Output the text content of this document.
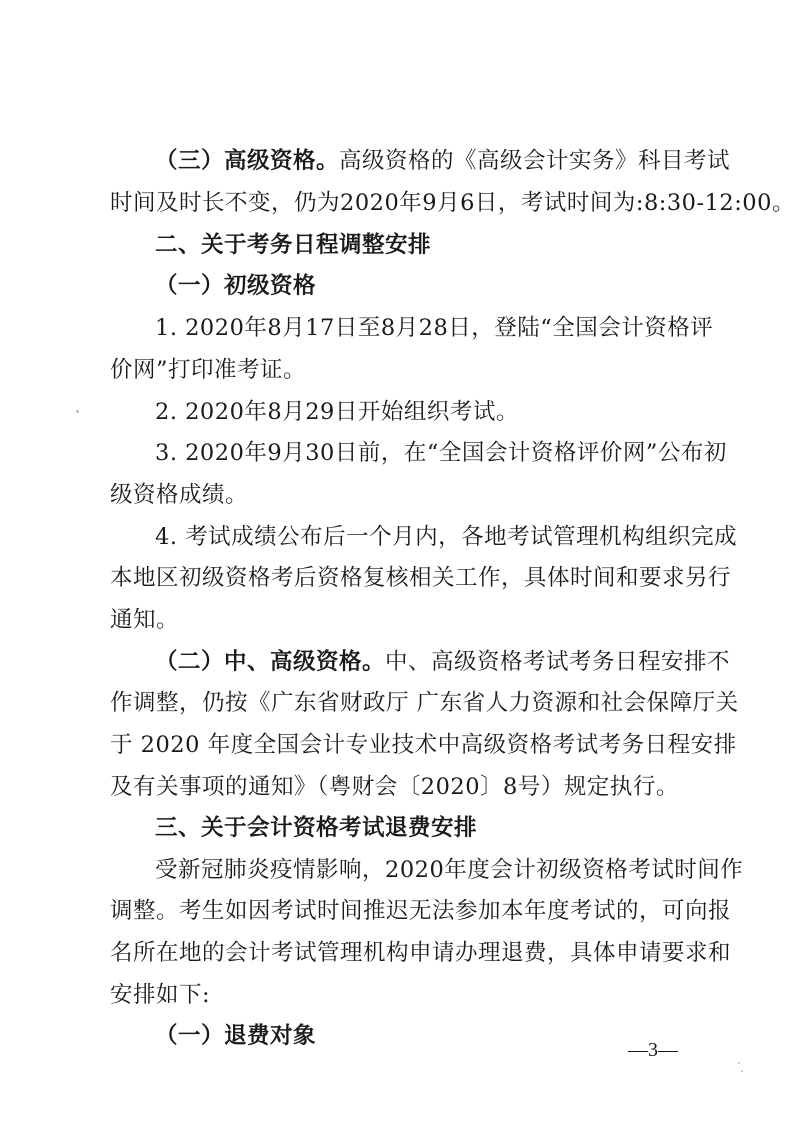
（三）高级资格。高级资格的《高级会计实务》科目考试
时间及时长不变，仍为2020年9月6日，考试时间为:8:30-12:00。
二、关于考务日程调整安排
（一）初级资格
1. 2020年8月17日至8月28日，登陆“全国会计资格评
价网”打印准考证。
2. 2020年8月29日开始组织考试。
3. 2020年9月30日前，在“全国会计资格评价网”公布初
级资格成绩。
4. 考试成绩公布后一个月内，各地考试管理机构组织完成
本地区初级资格考后资格复核相关工作，具体时间和要求另行
通知。
（二）中、高级资格。中、高级资格考试考务日程安排不
作调整，仍按《广东省财政厅 广东省人力资源和社会保障厅关
于 2020 年度全国会计专业技术中高级资格考试考务日程安排
及有关事项的通知》（粤财会〔2020〕8号）规定执行。
三、关于会计资格考试退费安排
受新冠肺炎疫情影响，2020年度会计初级资格考试时间作
调整。考生如因考试时间推迟无法参加本年度考试的，可向报
名所在地的会计考试管理机构申请办理退费，具体申请要求和
安排如下:
（一）退费对象
—3—
